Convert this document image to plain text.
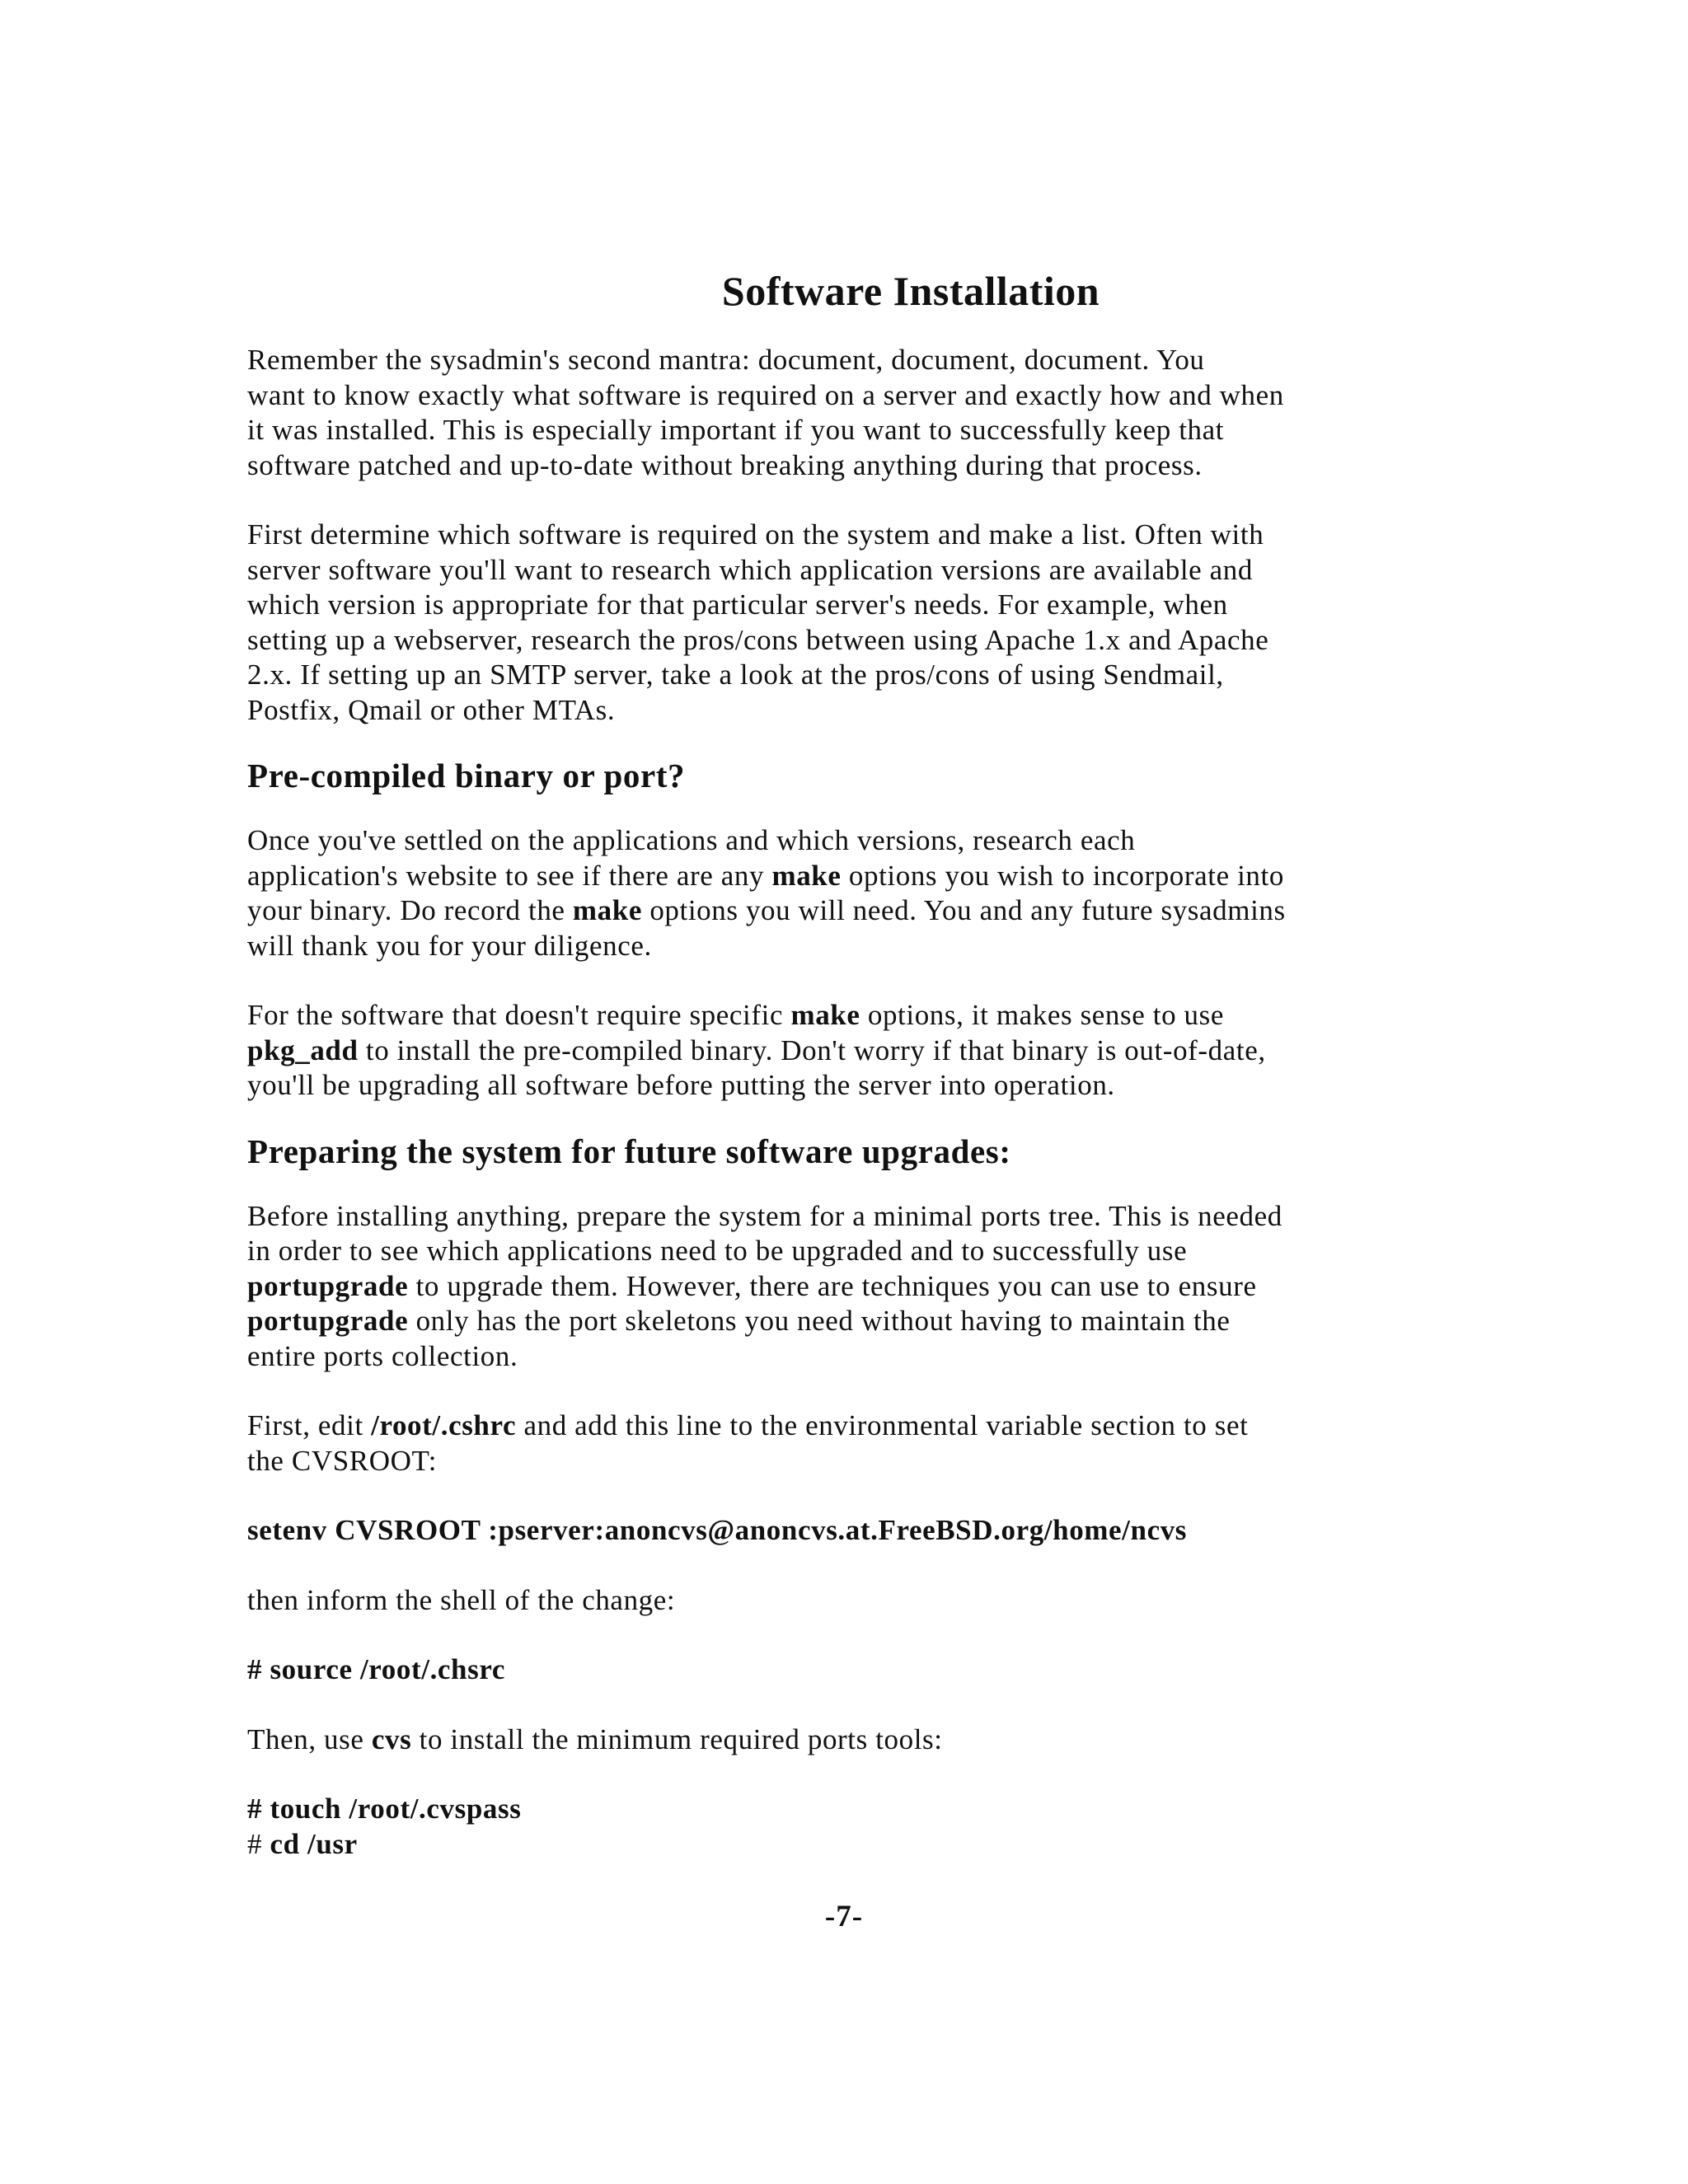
Software Installation

Remember the sysadmin's second mantra: document, document, document. You
want to know exactly what software is required on a server and exactly how and when
it was installed. This is especially important if you want to successfully keep that
software patched and up-to-date without breaking anything during that process.

First determine which software is required on the system and make a list. Often with
server software you'll want to research which application versions are available and
which version is appropriate for that particular server's needs. For example, when
setting up a webserver, research the pros/cons between using Apache 1.x and Apache
2.x. If setting up an SMTP server, take a look at the pros/cons of using Sendmail,
Postfix, Qmail or other MTAs.

Pre-compiled binary or port?

Once you've settled on the applications and which versions, research each
application's website to see if there are any make options you wish to incorporate into
your binary. Do record the make options you will need. You and any future sysadmins
will thank you for your diligence.

For the software that doesn't require specific make options, it makes sense to use
pkg_add to install the pre-compiled binary. Don't worry if that binary is out-of-date,
you'll be upgrading all software before putting the server into operation.

Preparing the system for future software upgrades:

Before installing anything, prepare the system for a minimal ports tree. This is needed
in order to see which applications need to be upgraded and to successfully use
portupgrade to upgrade them. However, there are techniques you can use to ensure
portupgrade only has the port skeletons you need without having to maintain the
entire ports collection.

First, edit /root/.cshrc and add this line to the environmental variable section to set
the CVSROOT:

setenv CVSROOT :pserver:anoncvs@anoncvs.at.FreeBSD.org/home/ncvs

then inform the shell of the change:

# source /root/.chsrc

Then, use cvs to install the minimum required ports tools:

# touch /root/.cvspass

# cd /usr

-7-
